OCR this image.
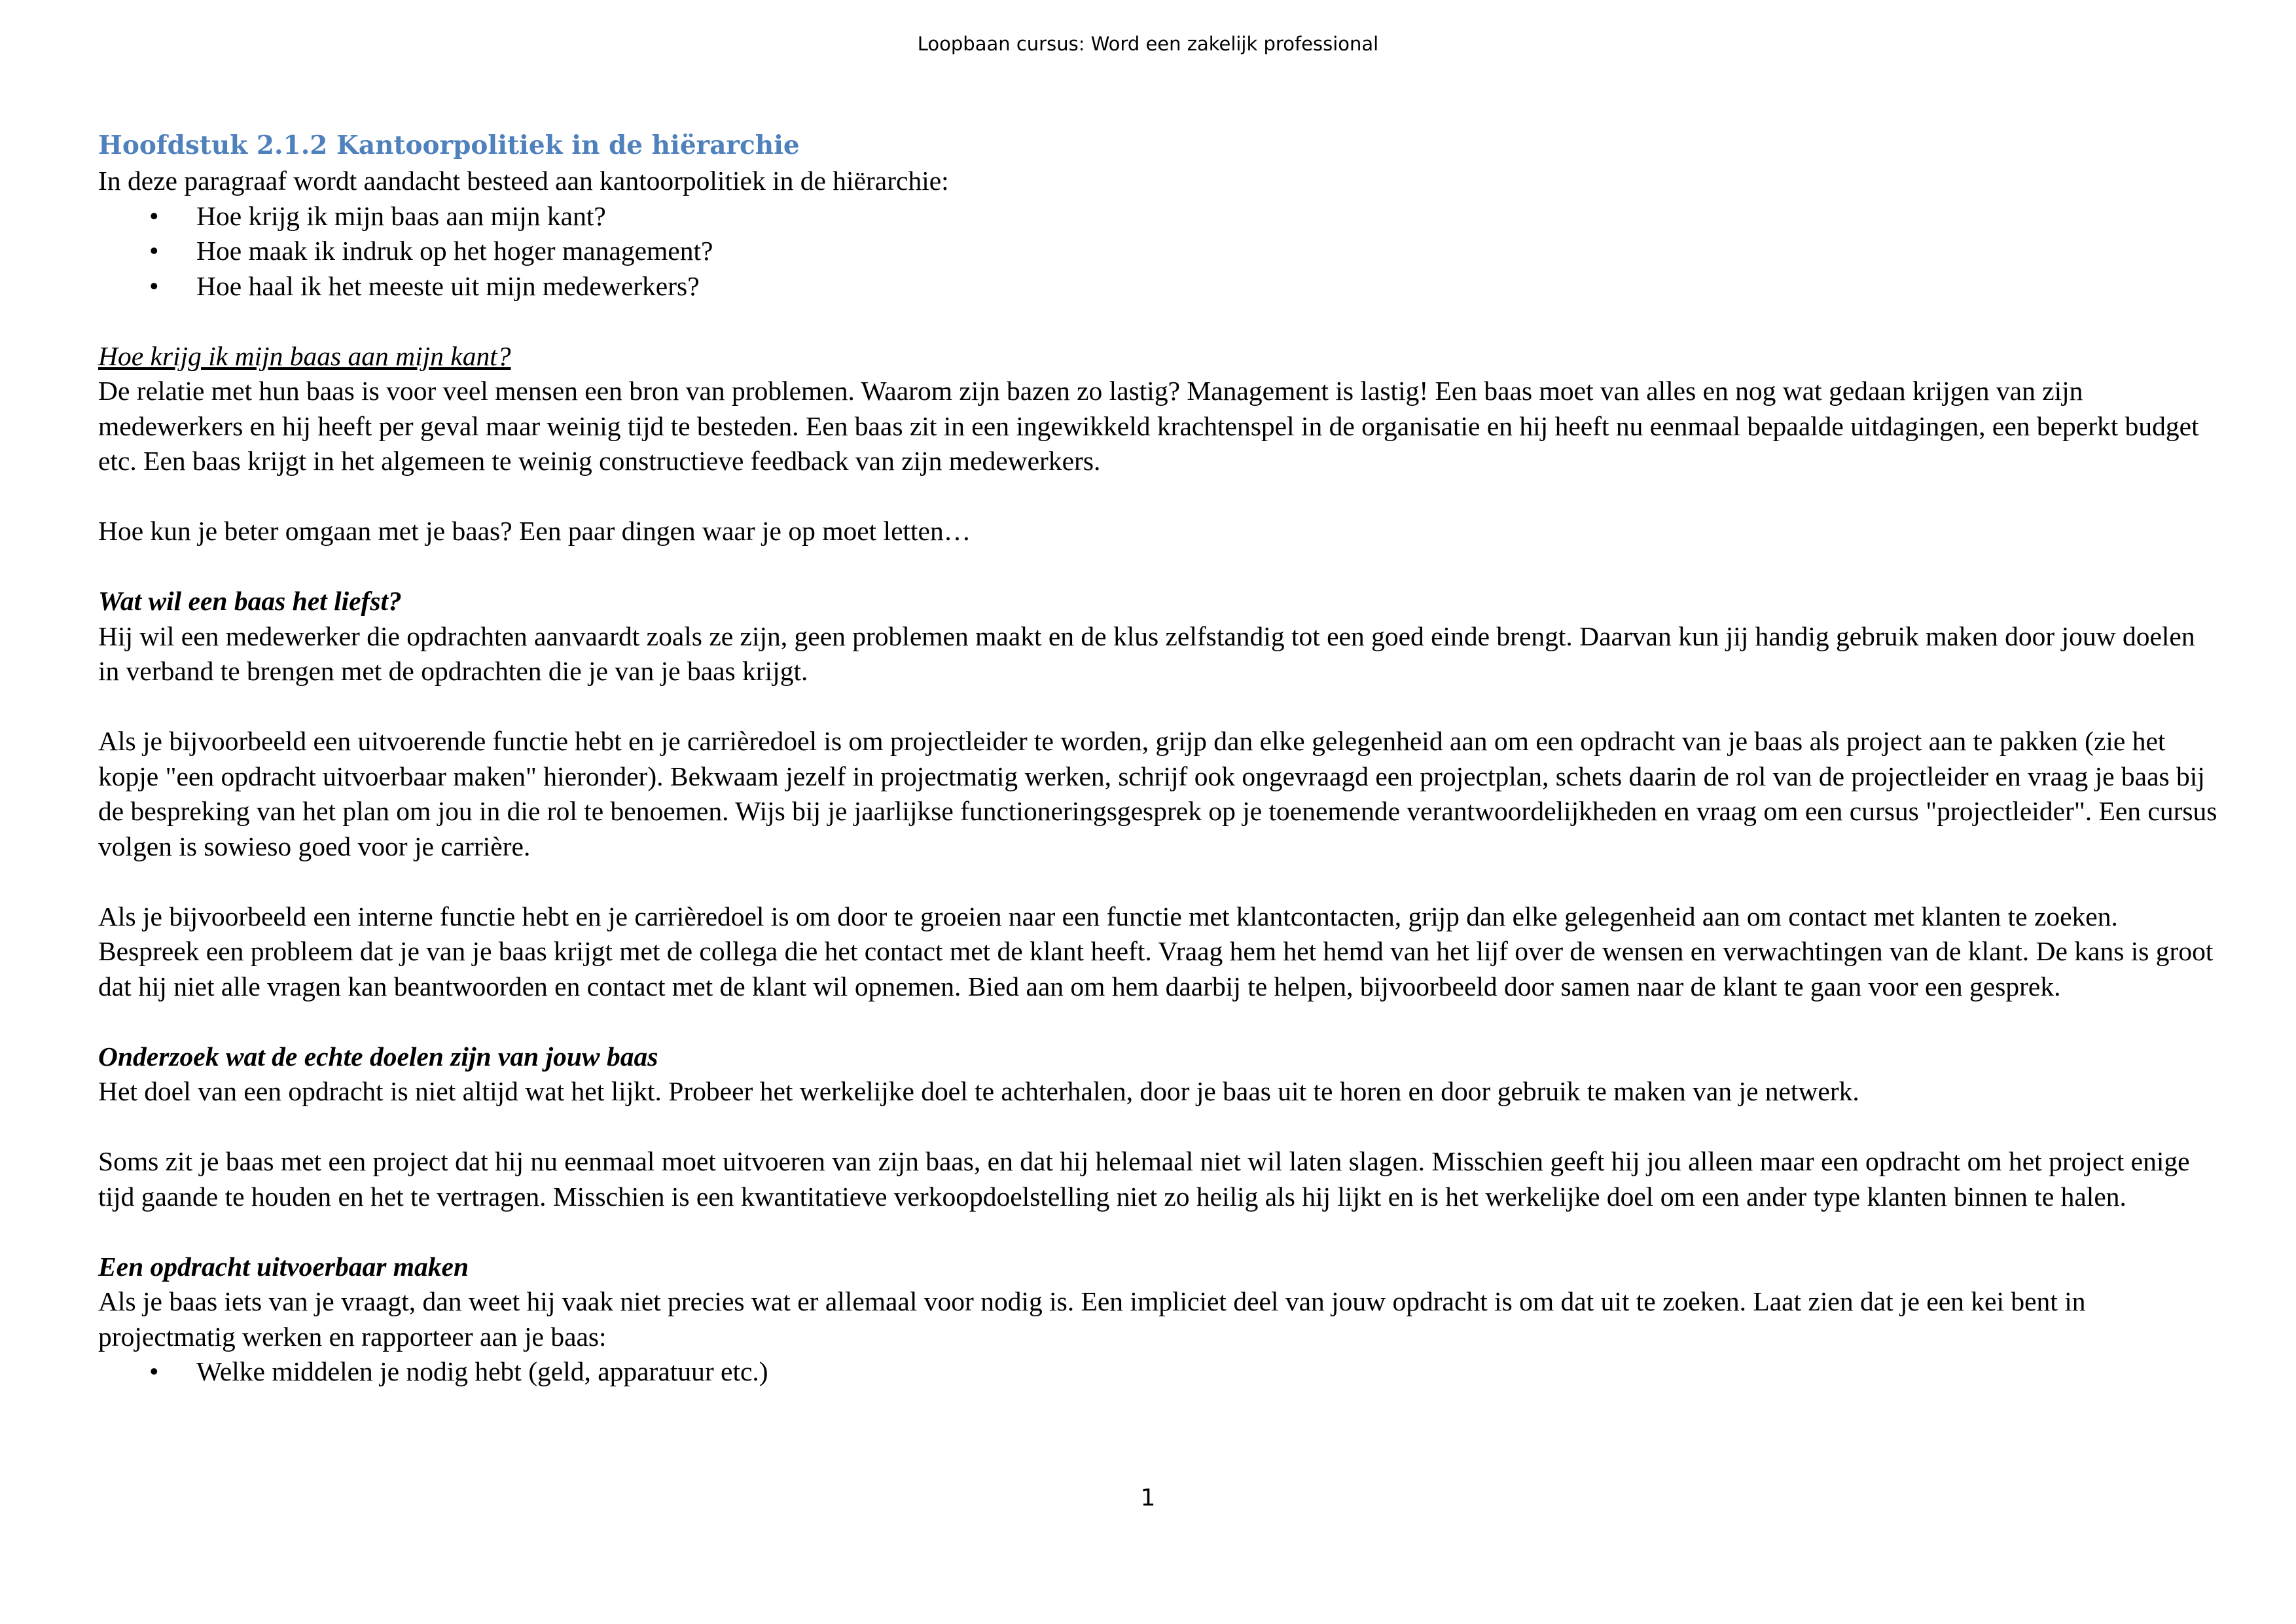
Loopbaan cursus: Word een zakelijk professional
Hoofdstuk 2.1.2 Kantoorpolitiek in de hiërarchie

In deze paragraaf wordt aandacht besteed aan kantoorpolitiek in de hiërarchie:

• Hoe krijg ik mijn baas aan mijn kant?
• Hoe maak ik indruk op het hoger management?
• Hoe haal ik het meeste uit mijn medewerkers?

Hoe krijg ik mijn baas aan mijn kant?

De relatie met hun baas is voor veel mensen een bron van problemen. Waarom zijn bazen zo lastig? Management is lastig! Een baas moet van alles en nog wat gedaan krijgen van zijn medewerkers en hij heeft per geval maar weinig tijd te besteden. Een baas zit in een ingewikkeld krachtenspel in de organisatie en hij heeft nu eenmaal bepaalde uitdagingen, een beperkt budget etc. Een baas krijgt in het algemeen te weinig constructieve feedback van zijn medewerkers.

Hoe kun je beter omgaan met je baas? Een paar dingen waar je op moet letten…

Wat wil een baas het liefst?

Hij wil een medewerker die opdrachten aanvaardt zoals ze zijn, geen problemen maakt en de klus zelfstandig tot een goed einde brengt. Daarvan kun jij handig gebruik maken door jouw doelen in verband te brengen met de opdrachten die je van je baas krijgt.

Als je bijvoorbeeld een uitvoerende functie hebt en je carrièredoel is om projectleider te worden, grijp dan elke gelegenheid aan om een opdracht van je baas als project aan te pakken (zie het kopje "een opdracht uitvoerbaar maken" hieronder). Bekwaam jezelf in projectmatig werken, schrijf ook ongevraagd een projectplan, schets daarin de rol van de projectleider en vraag je baas bij de bespreking van het plan om jou in die rol te benoemen. Wijs bij je jaarlijkse functioneringsgesprek op je toenemende verantwoordelijkheden en vraag om een cursus "projectleider". Een cursus volgen is sowieso goed voor je carrière.

Als je bijvoorbeeld een interne functie hebt en je carrièredoel is om door te groeien naar een functie met klantcontacten, grijp dan elke gelegenheid aan om contact met klanten te zoeken. Bespreek een probleem dat je van je baas krijgt met de collega die het contact met de klant heeft. Vraag hem het hemd van het lijf over de wensen en verwachtingen van de klant. De kans is groot dat hij niet alle vragen kan beantwoorden en contact met de klant wil opnemen. Bied aan om hem daarbij te helpen, bijvoorbeeld door samen naar de klant te gaan voor een gesprek.

Onderzoek wat de echte doelen zijn van jouw baas

Het doel van een opdracht is niet altijd wat het lijkt. Probeer het werkelijke doel te achterhalen, door je baas uit te horen en door gebruik te maken van je netwerk.

Soms zit je baas met een project dat hij nu eenmaal moet uitvoeren van zijn baas, en dat hij helemaal niet wil laten slagen. Misschien geeft hij jou alleen maar een opdracht om het project enige tijd gaande te houden en het te vertragen. Misschien is een kwantitatieve verkoopdoelstelling niet zo heilig als hij lijkt en is het werkelijke doel om een ander type klanten binnen te halen.

Een opdracht uitvoerbaar maken

Als je baas iets van je vraagt, dan weet hij vaak niet precies wat er allemaal voor nodig is. Een impliciet deel van jouw opdracht is om dat uit te zoeken. Laat zien dat je een kei bent in projectmatig werken en rapporteer aan je baas:

• Welke middelen je nodig hebt (geld, apparatuur etc.)
1
